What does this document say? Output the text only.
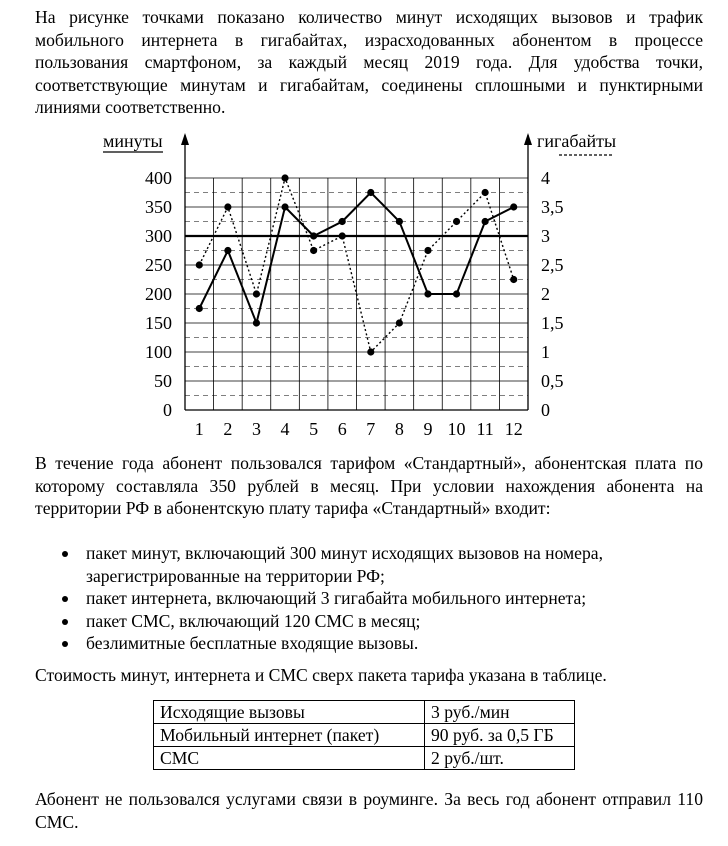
На рисунке точками показано количество минут исходящих вызовов и трафик мобильного интернета в гигабайтах, израсходованных абонентом в процессе пользования смартфоном, за каждый месяц 2019 года. Для удобства точки, соответствующие минутам и гигабайтам, соединены сплошными и пунктирными линиями соответственно.

0
50
100
150
200
250
300
350
400
0
0,5
1
1,5
2
2,5
3
3,5
4
1 2 3 4 5 6 7 8 9 10 11 12
минуты	гигабайты

В течение года абонент пользовался тарифом «Стандартный», абонентская плата по которому составляла 350 рублей в месяц. При условии нахождения абонента на территории РФ в абонентскую плату тарифа «Стандартный» входит:

пакет минут, включающий 300 минут исходящих вызовов на номера, зарегистрированные на территории РФ;
пакет интернета, включающий 3 гигабайта мобильного интернета;
пакет СМС, включающий 120 СМС в месяц;
безлимитные бесплатные входящие вызовы.

Стоимость минут, интернета и СМС сверх пакета тарифа указана в таблице.

Исходящие вызовы	3 руб./мин
Мобильный интернет (пакет)	90 руб. за 0,5 ГБ
СМС	2 руб./шт.

Абонент не пользовался услугами связи в роуминге. За весь год абонент отправил 110 СМС.
